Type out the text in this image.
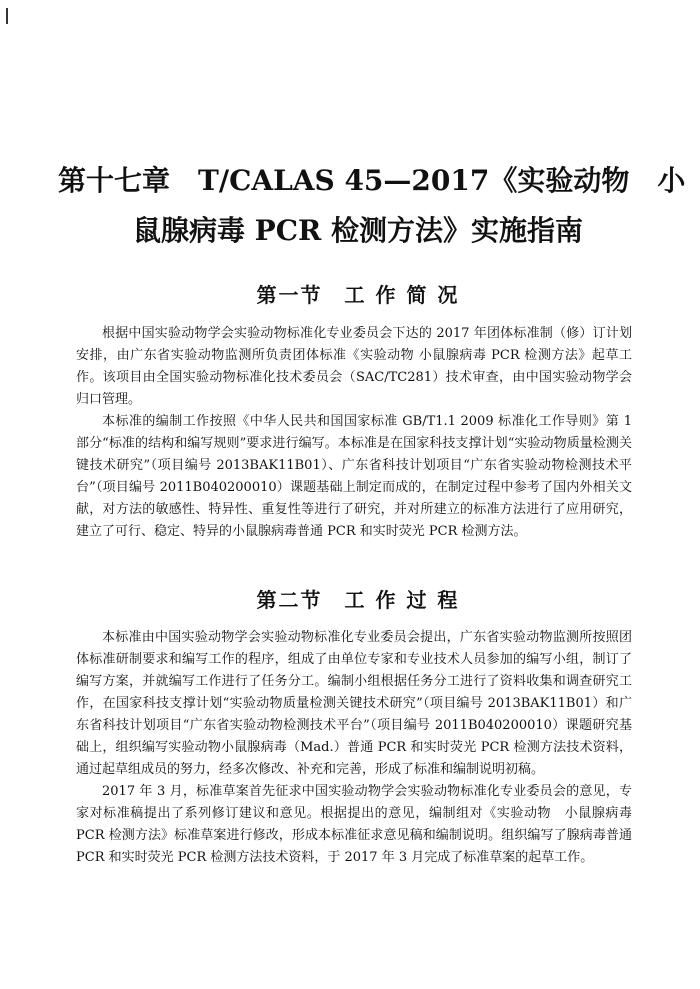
第十七章　T/CALAS 45—2017《实验动物　小
鼠腺病毒 PCR 检测方法》实施指南
第一节 工 作 简 况

根据中国实验动物学会实验动物标准化专业委员会下达的 2017 年团体标准制（修）订计划安排，由广东省实验动物监测所负责团体标准《实验动物 小鼠腺病毒 PCR 检测方法》起草工作。该项目由全国实验动物标准化技术委员会（SAC/TC281）技术审查，由中国实验动物学会归口管理。

本标准的编制工作按照《中华人民共和国国家标准 GB/T1.1 2009 标准化工作导则》第 1 部分“标准的结构和编写规则”要求进行编写。本标准是在国家科技支撑计划“实验动物质量检测关键技术研究”（项目编号 2013BAK11B01）、广东省科技计划项目“广东省实验动物检测技术平台”（项目编号 2011B040200010）课题基础上制定而成的，在制定过程中参考了国内外相关文献，对方法的敏感性、特异性、重复性等进行了研究，并对所建立的标准方法进行了应用研究，建立了可行、稳定、特异的小鼠腺病毒普通 PCR 和实时荧光 PCR 检测方法。

第二节 工 作 过 程

本标准由中国实验动物学会实验动物标准化专业委员会提出，广东省实验动物监测所按照团体标准研制要求和编写工作的程序，组成了由单位专家和专业技术人员参加的编写小组，制订了编写方案，并就编写工作进行了任务分工。编制小组根据任务分工进行了资料收集和调查研究工作，在国家科技支撑计划“实验动物质量检测关键技术研究”（项目编号 2013BAK11B01）和广东省科技计划项目“广东省实验动物检测技术平台”（项目编号 2011B040200010）课题研究基础上，组织编写实验动物小鼠腺病毒（Mad.）普通 PCR 和实时荧光 PCR 检测方法技术资料，通过起草组成员的努力，经多次修改、补充和完善，形成了标准和编制说明初稿。

2017 年 3 月，标准草案首先征求中国实验动物学会实验动物标准化专业委员会的意见，专家对标准稿提出了系列修订建议和意见。根据提出的意见，编制组对《实验动物　小鼠腺病毒 PCR 检测方法》标准草案进行修改，形成本标准征求意见稿和编制说明。组织编写了腺病毒普通 PCR 和实时荧光 PCR 检测方法技术资料，于 2017 年 3 月完成了标准草案的起草工作。
